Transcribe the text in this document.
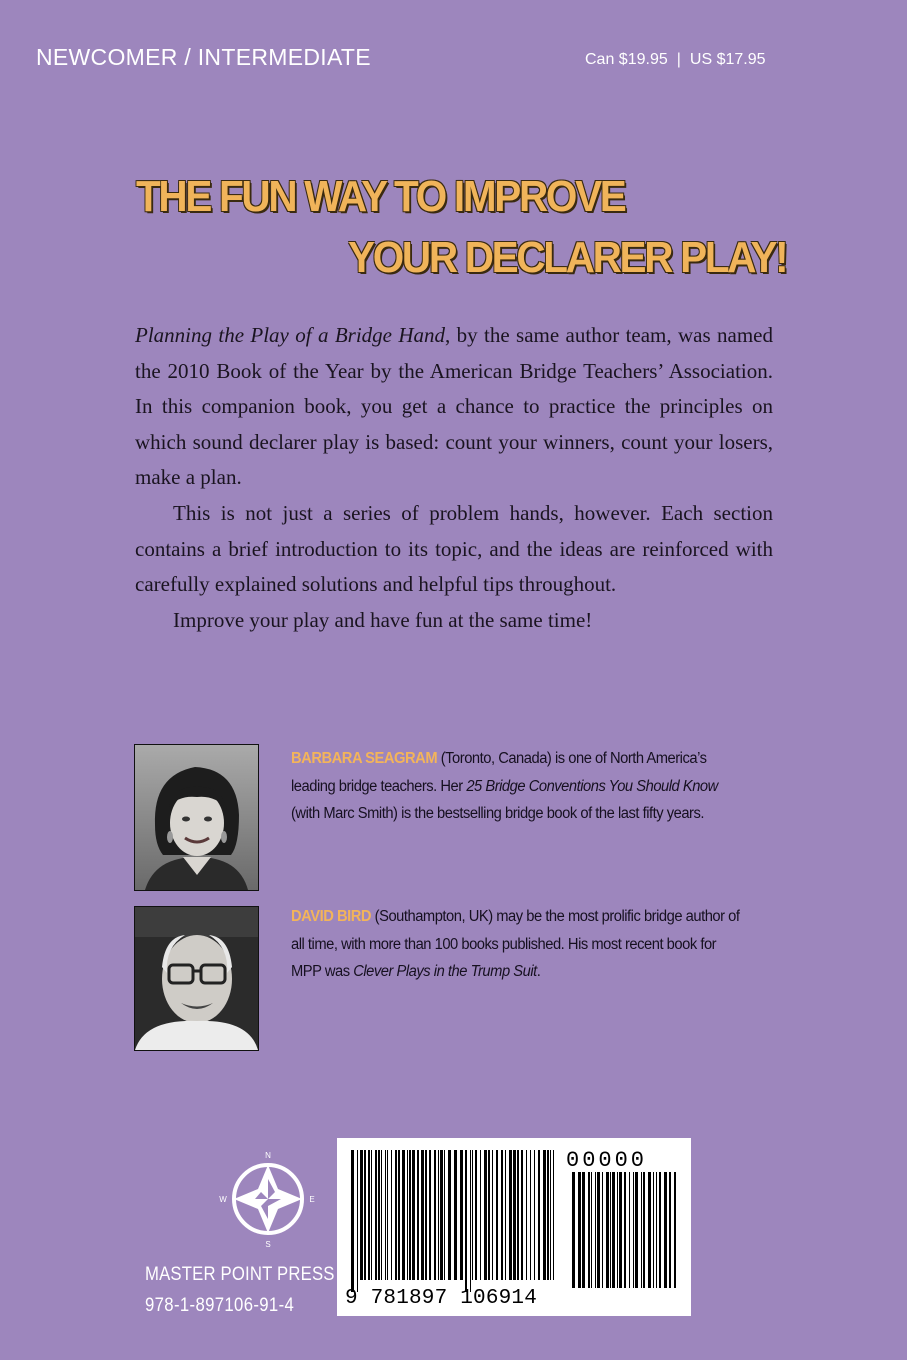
NEWCOMER / INTERMEDIATE	Can $19.95 | US $17.95
THE FUN WAY TO IMPROVE
YOUR DECLARER PLAY!

Planning the Play of a Bridge Hand, by the same author team, was named the 2010 Book of the Year by the American Bridge Teachers’ Association. In this companion book, you get a chance to practice the principles on which sound declarer play is based: count your winners, count your losers, make a plan.

This is not just a series of problem hands, however. Each section contains a brief introduction to its topic, and the ideas are reinforced with carefully explained solutions and helpful tips throughout.

Improve your play and have fun at the same time!

BARBARA SEAGRAM (Toronto, Canada) is one of North America’s leading bridge teachers. Her 25 Bridge Conventions You Should Know (with Marc Smith) is the bestselling bridge book of the last fifty years.
DAVID BIRD (Southampton, UK) may be the most prolific bridge author of all time, with more than 100 books published. His most recent book for MPP was Clever Plays in the Trump Suit.
N
S
E
W
MASTER POINT PRESS
978-1-897106-91-4 9 781897 106914
00000
